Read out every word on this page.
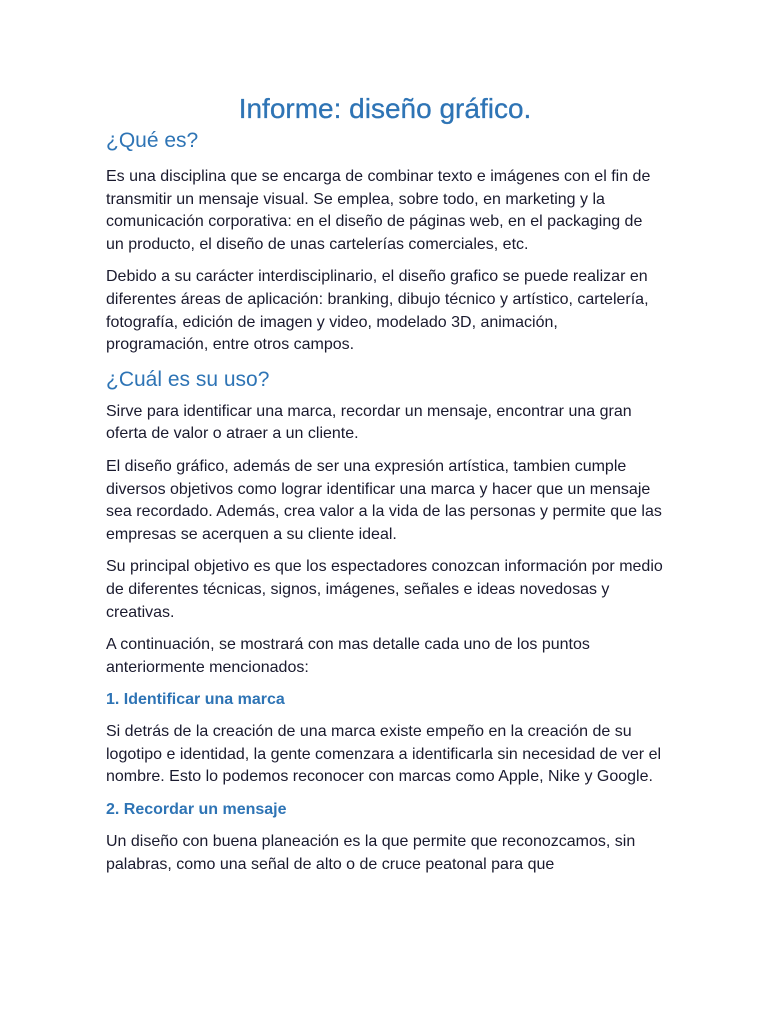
Informe: diseño gráfico.
¿Qué es?

Es una disciplina que se encarga de combinar texto e imágenes con el fin de transmitir un mensaje visual. Se emplea, sobre todo, en marketing y la comunicación corporativa: en el diseño de páginas web, en el packaging de un producto, el diseño de unas cartelerías comerciales, etc.

Debido a su carácter interdisciplinario, el diseño grafico se puede realizar en diferentes áreas de aplicación: branking, dibujo técnico y artístico, cartelería, fotografía, edición de imagen y video, modelado 3D, animación, programación, entre otros campos.

¿Cuál es su uso?

Sirve para identificar una marca, recordar un mensaje, encontrar una gran oferta de valor o atraer a un cliente.

El diseño gráfico, además de ser una expresión artística, tambien cumple diversos objetivos como lograr identificar una marca y hacer que un mensaje sea recordado. Además, crea valor a la vida de las personas y permite que las empresas se acerquen a su cliente ideal.

Su principal objetivo es que los espectadores conozcan información por medio de diferentes técnicas, signos, imágenes, señales e ideas novedosas y creativas.

A continuación, se mostrará con mas detalle cada uno de los puntos anteriormente mencionados:

1. Identificar una marca

Si detrás de la creación de una marca existe empeño en la creación de su logotipo e identidad, la gente comenzara a identificarla sin necesidad de ver el nombre. Esto lo podemos reconocer con marcas como Apple, Nike y Google.

2. Recordar un mensaje

Un diseño con buena planeación es la que permite que reconozcamos, sin palabras, como una señal de alto o de cruce peatonal para que
